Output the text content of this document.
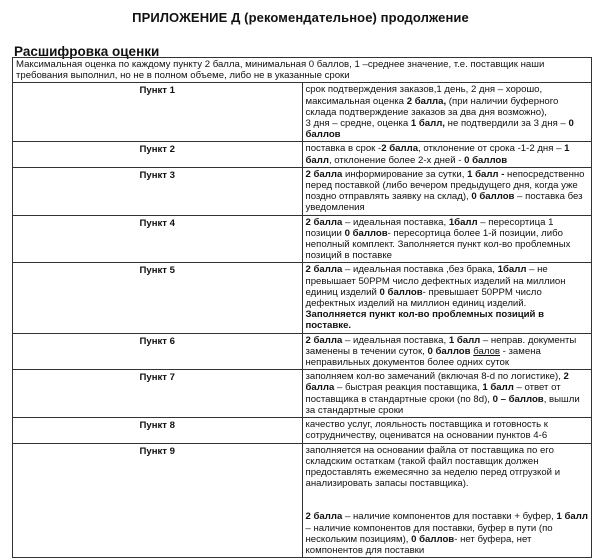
ПРИЛОЖЕНИЕ Д (рекомендательное) продолжение
Расшифровка оценки
Максимальная оценка по каждому пункту 2 балла, минимальная 0 баллов, 1 –среднее значение, т.е. поставщик наши требования выполнил, но не в полном объеме, либо не в указанные сроки	
Пункт 1	срок подтверждения заказов,1 день, 2 дня – хорошо, максимальная оценка 2 балла, (при наличии буферного склада подтверждение заказов за два дня возможно),
3 дня – средне, оценка 1 балл, не подтвердили за 3 дня – 0 баллов
Пункт 2	поставка в срок -2 балла, отклонение от срока -1-2 дня – 1 балл, отклонение более 2-х дней - 0 баллов
Пункт 3	2 балла информирование за сутки, 1 балл - непосредственно перед поставкой (либо вечером предыдущего дня, когда уже поздно отправлять заявку на склад), 0 баллов – поставка без уведомления
Пункт 4	2 балла – идеальная поставка, 1балл – пересортица 1 позиции 0 баллов- пересортица более 1-й позиции, либо неполный комплект. Заполняется пункт кол-во проблемных позиций в поставке
Пункт 5	2 балла – идеальная поставка ,без брака, 1балл – не превышает 50PPM число дефектных изделий на миллион единиц изделий 0 баллов- превышает 50PPM число дефектных изделий на миллион единиц изделий. Заполняется пункт кол-во проблемных позиций в поставке.
Пункт 6	2 балла – идеальная поставка, 1 балл – неправ. документы заменены в течении суток, 0 баллов балов - замена неправильных документов более одних суток
Пункт 7	заполняем кол-во замечаний (включая 8-d по логистике), 2 балла – быстрая реакция поставщика, 1 балл – ответ от поставщика в стандартные сроки (по 8d), 0 – баллов, вышли за стандартные сроки
Пункт 8	качество услуг, лояльность поставщика и готовность к сотрудничеству, оцениватся на основании пунктов 4-6
Пункт 9	заполняется на основании файла от поставщика по его складским остаткам (такой файл поставщик должен предоставлять ежемесячно за неделю перед отгрузкой и анализировать запасы поставщика).
2 балла – наличие компонентов для поставки + буфер, 1 балл – наличие компонентов для поставки, буфер в пути (по нескольким позициям), 0 баллов- нет буфера, нет компонентов для поставки
